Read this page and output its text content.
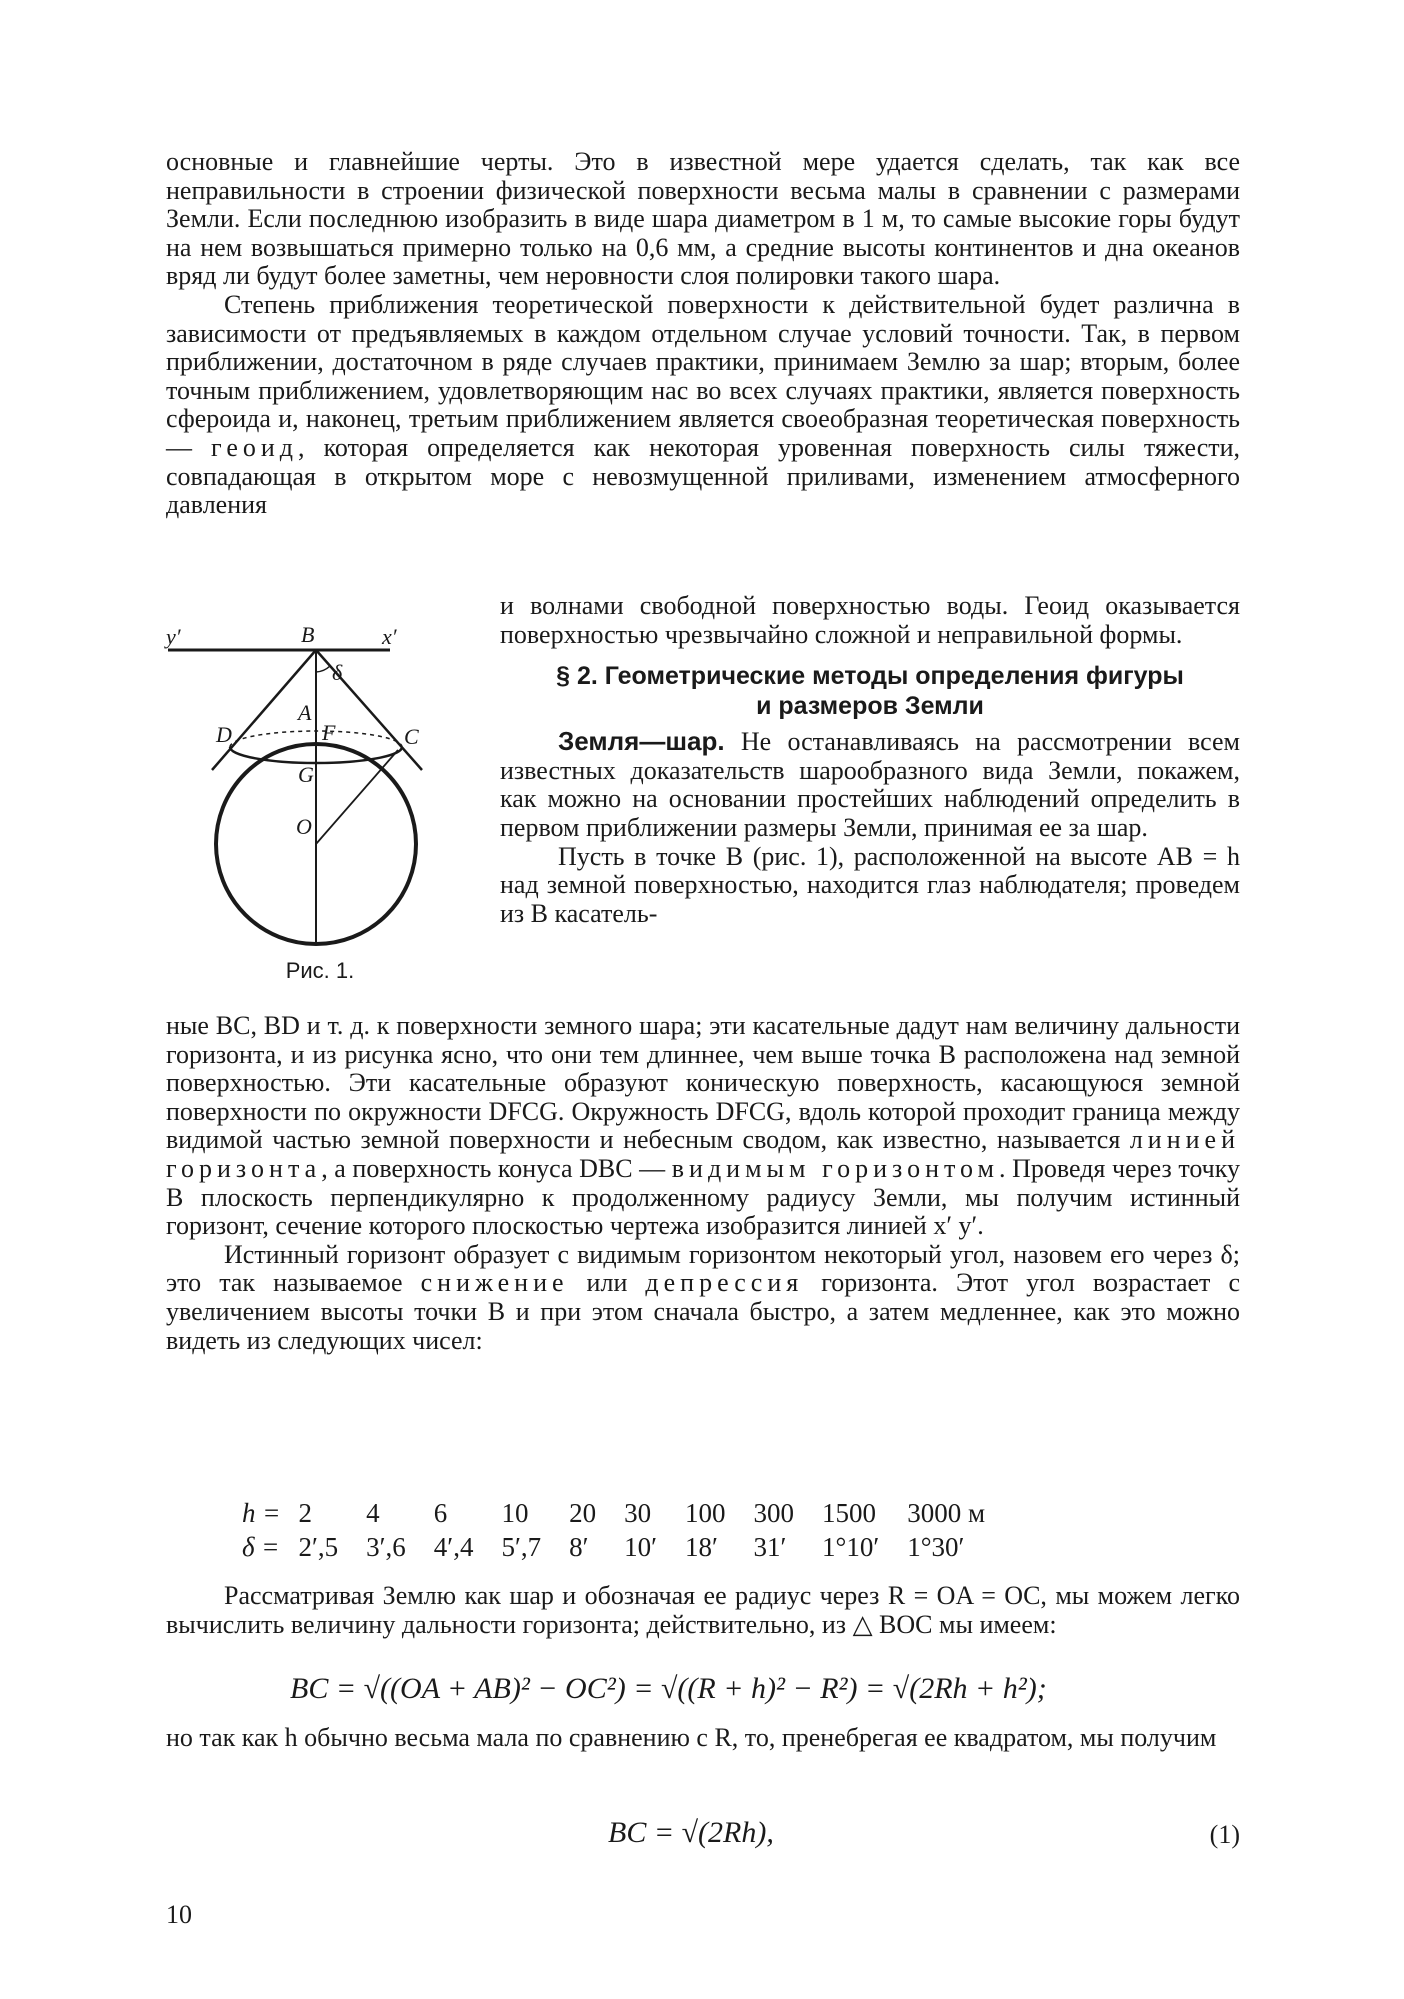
основные и главнейшие черты. Это в известной мере удается сделать, так как все неправильности в строении физической поверхности весьма малы в сравнении с размерами Земли. Если последнюю изобразить в виде шара диаметром в 1 м, то самые высокие горы будут на нем возвышаться примерно только на 0,6 мм, а средние высоты континентов и дна океанов вряд ли будут более заметны, чем неровности слоя полировки такого шара.

Степень приближения теоретической поверхности к действительной будет различна в зависимости от предъявляемых в каждом отдельном случае условий точности. Так, в первом приближении, достаточном в ряде случаев практики, принимаем Землю за шар; вторым, более точным приближением, удовлетворяющим нас во всех случаях практики, является поверхность сфероида и, наконец, третьим приближением является своеобразная теоретическая поверхность — геоид, которая определяется как некоторая уровенная поверхность силы тяжести, совпадающая в открытом море с невозмущенной приливами, изменением атмосферного давления

y′	B	x′
δ
A
F
D	C
G
O
Рис. 1.

и волнами свободной поверхностью воды. Геоид оказывается поверхностью чрезвычайно сложной и неправильной формы.

§ 2. Геометрические методы определения фигуры
и размеров Земли

Земля—шар. Не останавливаясь на рассмотрении всем известных доказательств шарообразного вида Земли, покажем, как можно на основании простейших наблюдений определить в первом приближении размеры Земли, принимая ее за шар.

Пусть в точке B (рис. 1), расположенной на высоте AB = h над земной поверхностью, находится глаз наблюдателя; проведем из B касатель-

ные BC, BD и т. д. к поверхности земного шара; эти касательные дадут нам величину дальности горизонта, и из рисунка ясно, что они тем длиннее, чем выше точка B расположена над земной поверхностью. Эти касательные образуют коническую поверхность, касающуюся земной поверхности по окружности DFCG. Окружность DFCG, вдоль которой проходит граница между видимой частью земной поверхности и небесным сводом, как известно, называется линией горизонта, а поверхность конуса DBC — видимым горизонтом. Проведя через точку B плоскость перпендикулярно к продолженному радиусу Земли, мы получим истинный горизонт, сечение которого плоскостью чертежа изобразится линией x′ y′.

Истинный горизонт образует с видимым горизонтом некоторый угол, назовем его через δ; это так называемое снижение или депрессия горизонта. Этот угол возрастает с увеличением высоты точки B и при этом сначала быстро, а затем медленнее, как это можно видеть из следующих чисел:

h =	2	4	6	10	20	30	100	300	1500	3000 м
δ =	2′,5	3′,6	4′,4	5′,7	8′	10′	18′	31′	1°10′	1°30′

Рассматривая Землю как шар и обозначая ее радиус через R = OA = OC, мы можем легко вычислить величину дальности горизонта; действительно, из △ BOC мы имеем:

BC = √((OA + AB)² − OC²) = √((R + h)² − R²) = √(2Rh + h²);

но так как h обычно весьма мала по сравнению с R, то, пренебрегая ее квадратом, мы получим

BC = √(2Rh),	(1)
10
